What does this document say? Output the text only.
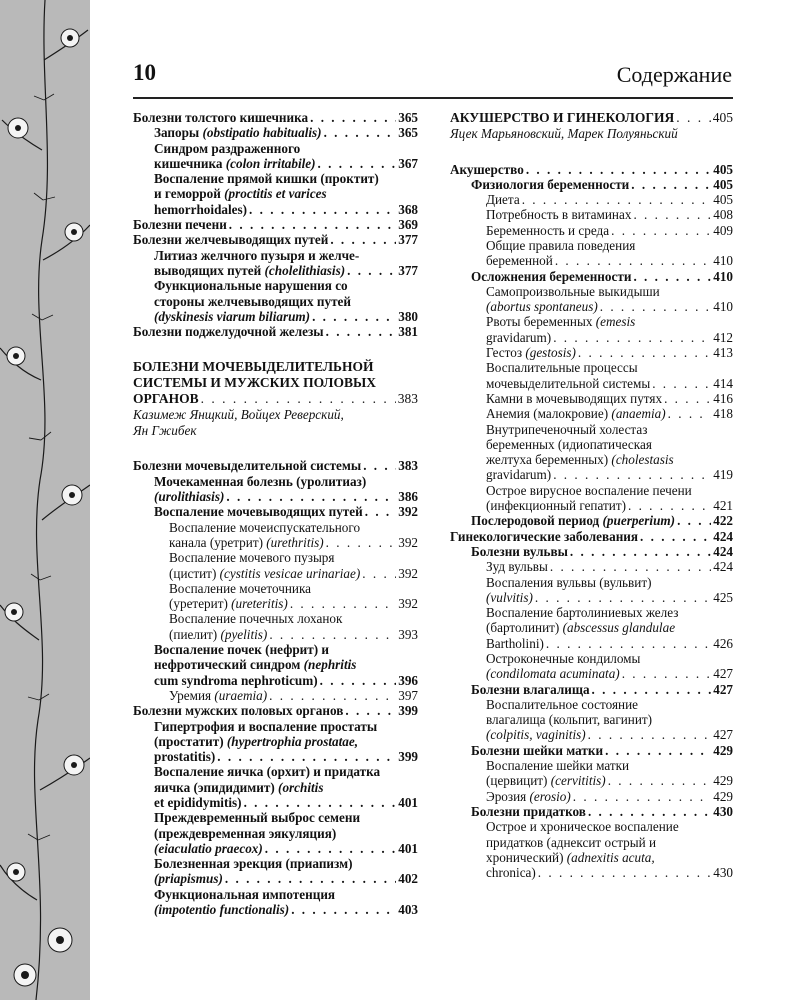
10	Содержание
Болезни толстого кишечника . . .	365
Запоры (obstipatio habitualis) . . .	365
Синдром раздраженного
кишечника (colon irritabile) . . .	367
Воспаление прямой кишки (проктит)
и геморрой (proctitis et varices
hemorrhoidales) . . .	368
Болезни печени . . .	369
Болезни желчевыводящих путей . . .	377
Литиаз желчного пузыря и желче-
выводящих путей (cholelithiasis) . . .	377
Функциональные нарушения со
стороны желчевыводящих путей
(dyskinesis viarum biliarum) . . .	380
Болезни поджелудочной железы . . .	381
БОЛЕЗНИ МОЧЕВЫДЕЛИТЕЛЬНОЙ
СИСТЕМЫ И МУЖСКИХ ПОЛОВЫХ
ОРГАНОВ . . .	383
Казимеж Янщкий, Войцех Реверский,
Ян Гжибек
Болезни мочевыделительной системы . . .	383
Мочекаменная болезнь (уролитиаз)
(urolithiasis) . . .	386
Воспаление мочевыводящих путей . . .	392
Воспаление мочеиспускательного
канала (уретрит) (urethritis) . . .	392
Воспаление мочевого пузыря
(цистит) (cystitis vesicae urinariae) . . .	392
Воспаление мочеточника
(уретерит) (ureteritis) . . .	392
Воспаление почечных лоханок
(пиелит) (pyelitis) . . .	393
Воспаление почек (нефрит) и
нефротический синдром (nephritis
cum syndroma nephroticum) . . .	396
Уремия (uraemia) . . .	397
Болезни мужских половых органов . . .	399
Гипертрофия и воспаление простаты
(простатит) (hypertrophia prostatae,
prostatitis) . . .	399
Воспаление яичка (орхит) и придатка
яичка (эпидидимит) (orchitis
et epididymitis) . . .	401
Преждевременный выброс семени
(преждевременная эякуляция)
(eiaculatio praecox) . . .	401
Болезненная эрекция (приапизм)
(priapismus) . . .	402
Функциональная импотенция
(impotentio functionalis) . . .	403
АКУШЕРСТВО И ГИНЕКОЛОГИЯ . . .	405
Яцек Марьяновский, Марек Полуяньский
Акушерство . . .	405
Физиология беременности . . .	405
Диета . . .	405
Потребность в витаминах . . .	408
Беременность и среда . . .	409
Общие правила поведения
беременной . . .	410
Осложнения беременности . . .	410
Самопроизвольные выкидыши
(abortus spontaneus) . . .	410
Рвоты беременных (emesis
gravidarum) . . .	412
Гестоз (gestosis) . . .	413
Воспалительные процессы
мочевыделительной системы . . .	414
Камни в мочевыводящих путях . . .	416
Анемия (малокровие) (anaemia) . . .	418
Внутрипеченочный холестаз
беременных (идиопатическая
желтуха беременных) (cholestasis
gravidarum) . . .	419
Острое вирусное воспаление печени
(инфекционный гепатит) . . .	421
Послеродовой период (puerperium) . . .	422
Гинекологические заболевания . . .	424
Болезни вульвы . . .	424
Зуд вульвы . . .	424
Воспаления вульвы (вульвит)
(vulvitis) . . .	425
Воспаление бартолиниевых желез
(бартолинит) (abscessus glandulae
Bartholini) . . .	426
Остроконечные кондиломы
(condilomata acuminata) . . .	427
Болезни влагалища . . .	427
Воспалительное состояние
влагалища (кольпит, вагинит)
(colpitis, vaginitis) . . .	427
Болезни шейки матки . . .	429
Воспаление шейки матки
(цервицит) (cervititis) . . .	429
Эрозия (erosio) . . .	429
Болезни придатков . . .	430
Острое и хроническое воспаление
придатков (аднексит острый и
хронический) (adnexitis acuta,
chronica) . . .	430
